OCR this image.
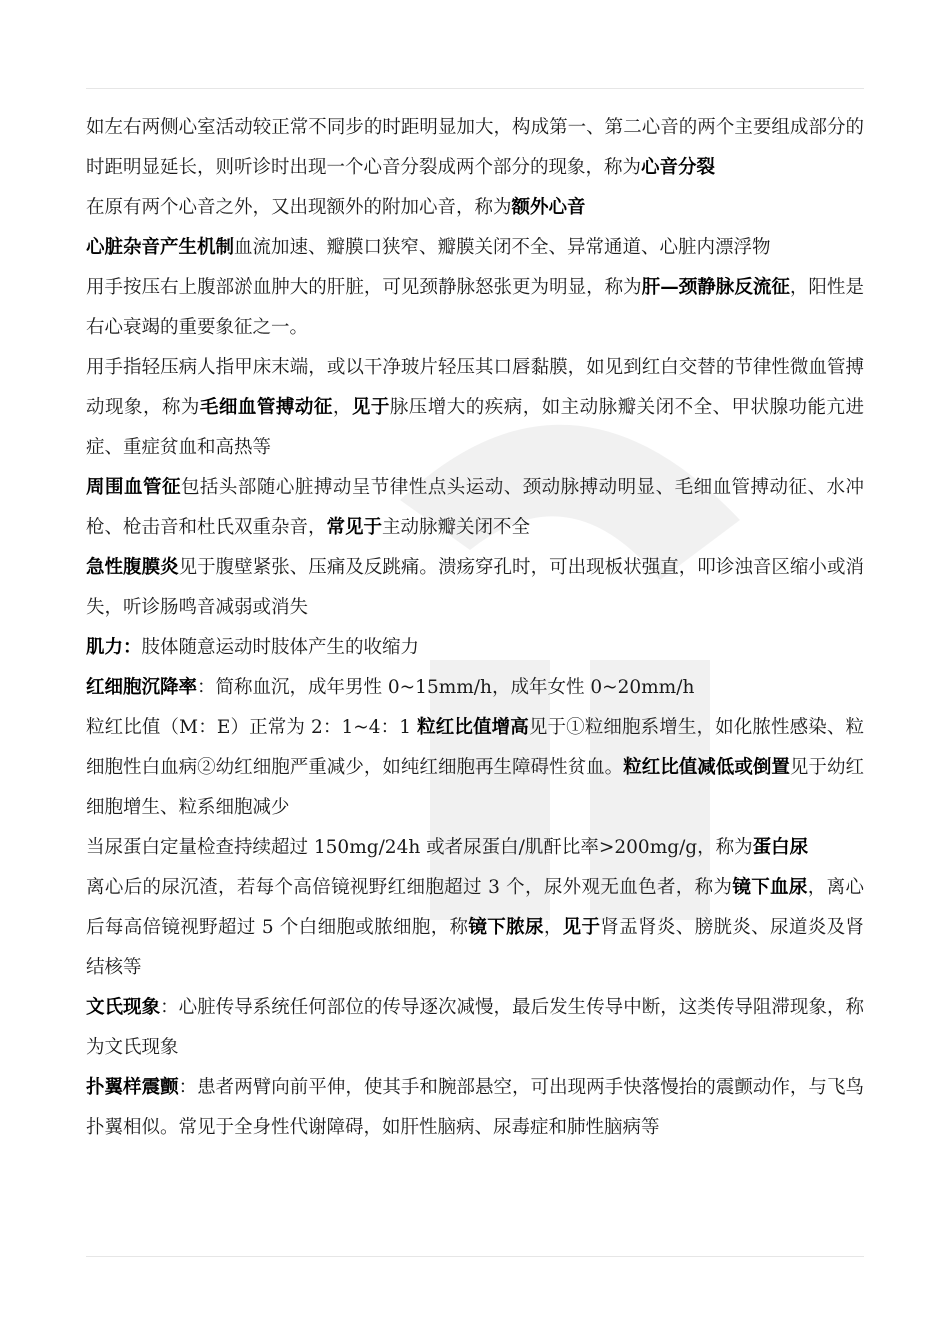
如左右两侧心室活动较正常不同步的时距明显加大，构成第一、第二心音的两个主要组成部分的时距明显延长，则听诊时出现一个心音分裂成两个部分的现象，称为心音分裂

在原有两个心音之外，又出现额外的附加心音，称为额外心音

心脏杂音产生机制血流加速、瓣膜口狭窄、瓣膜关闭不全、异常通道、心脏内漂浮物

用手按压右上腹部淤血肿大的肝脏，可见颈静脉怒张更为明显，称为肝—颈静脉反流征，阳性是右心衰竭的重要象征之一。

用手指轻压病人指甲床末端，或以干净玻片轻压其口唇黏膜，如见到红白交替的节律性微血管搏动现象，称为毛细血管搏动征，见于脉压增大的疾病，如主动脉瓣关闭不全、甲状腺功能亢进症、重症贫血和高热等

周围血管征包括头部随心脏搏动呈节律性点头运动、颈动脉搏动明显、毛细血管搏动征、水冲枪、枪击音和杜氏双重杂音，常见于主动脉瓣关闭不全

急性腹膜炎见于腹壁紧张、压痛及反跳痛。溃疡穿孔时，可出现板状强直，叩诊浊音区缩小或消失，听诊肠鸣音减弱或消失

肌力：肢体随意运动时肢体产生的收缩力

红细胞沉降率：简称血沉，成年男性 0~15mm/h，成年女性 0~20mm/h

粒红比值（M：E）正常为 2：1~4：1 粒红比值增高见于①粒细胞系增生，如化脓性感染、粒细胞性白血病②幼红细胞严重减少，如纯红细胞再生障碍性贫血。粒红比值减低或倒置见于幼红细胞增生、粒系细胞减少

当尿蛋白定量检查持续超过 150mg/24h 或者尿蛋白/肌酐比率>200mg/g，称为蛋白尿

离心后的尿沉渣，若每个高倍镜视野红细胞超过 3 个，尿外观无血色者，称为镜下血尿，离心后每高倍镜视野超过 5 个白细胞或脓细胞，称镜下脓尿，见于肾盂肾炎、膀胱炎、尿道炎及肾结核等

文氏现象：心脏传导系统任何部位的传导逐次减慢，最后发生传导中断，这类传导阻滞现象，称为文氏现象

扑翼样震颤：患者两臂向前平伸，使其手和腕部悬空，可出现两手快落慢抬的震颤动作，与飞鸟扑翼相似。常见于全身性代谢障碍，如肝性脑病、尿毒症和肺性脑病等
